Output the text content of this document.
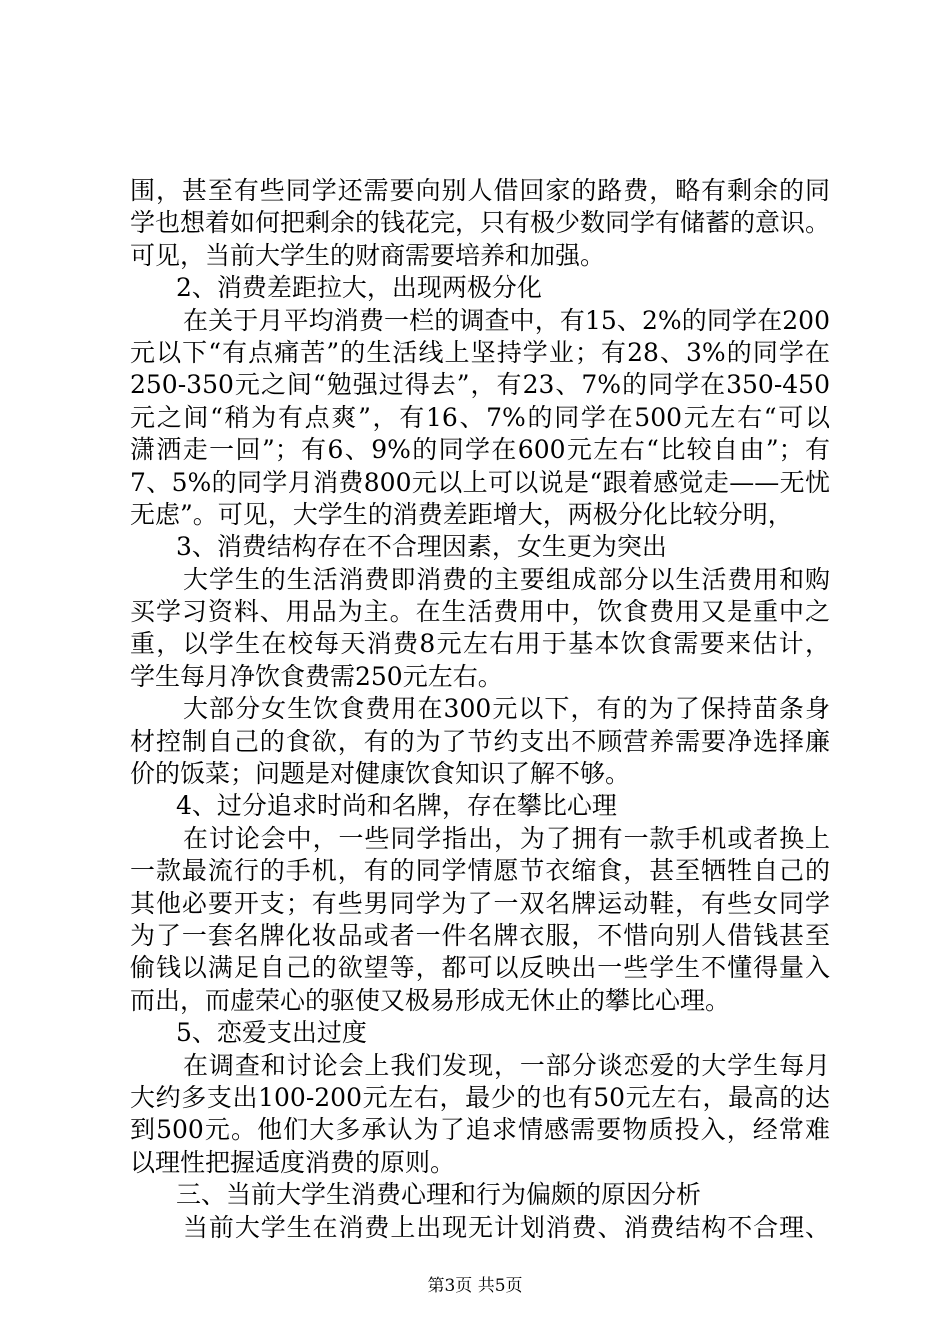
围，甚至有些同学还需要向别人借回家的路费，略有剩余的同
学也想着如何把剩余的钱花完，只有极少数同学有储蓄的意识。
可见，当前大学生的财商需要培养和加强。
2、消费差距拉大，出现两极分化
在关于月平均消费一栏的调查中，有15、2%的同学在200
元以下“有点痛苦”的生活线上坚持学业；有28、3%的同学在
250-350元之间“勉强过得去”，有23、7%的同学在350-450
元之间“稍为有点爽”，有16、7%的同学在500元左右“可以
潇洒走一回”；有6、9%的同学在600元左右“比较自由”；有
7、5%的同学月消费800元以上可以说是“跟着感觉走——无忧
无虑”。可见，大学生的消费差距增大，两极分化比较分明，
3、消费结构存在不合理因素，女生更为突出
大学生的生活消费即消费的主要组成部分以生活费用和购
买学习资料、用品为主。在生活费用中，饮食费用又是重中之
重，以学生在校每天消费8元左右用于基本饮食需要来估计，
学生每月净饮食费需250元左右。
大部分女生饮食费用在300元以下，有的为了保持苗条身
材控制自己的食欲，有的为了节约支出不顾营养需要净选择廉
价的饭菜；问题是对健康饮食知识了解不够。
4、过分追求时尚和名牌，存在攀比心理
在讨论会中，一些同学指出，为了拥有一款手机或者换上
一款最流行的手机，有的同学情愿节衣缩食，甚至牺牲自己的
其他必要开支；有些男同学为了一双名牌运动鞋，有些女同学
为了一套名牌化妆品或者一件名牌衣服，不惜向别人借钱甚至
偷钱以满足自己的欲望等，都可以反映出一些学生不懂得量入
而出，而虚荣心的驱使又极易形成无休止的攀比心理。
5、恋爱支出过度
在调查和讨论会上我们发现，一部分谈恋爱的大学生每月
大约多支出100-200元左右，最少的也有50元左右，最高的达
到500元。他们大多承认为了追求情感需要物质投入，经常难
以理性把握适度消费的原则。
三、当前大学生消费心理和行为偏颇的原因分析
当前大学生在消费上出现无计划消费、消费结构不合理、
第3页 共5页
